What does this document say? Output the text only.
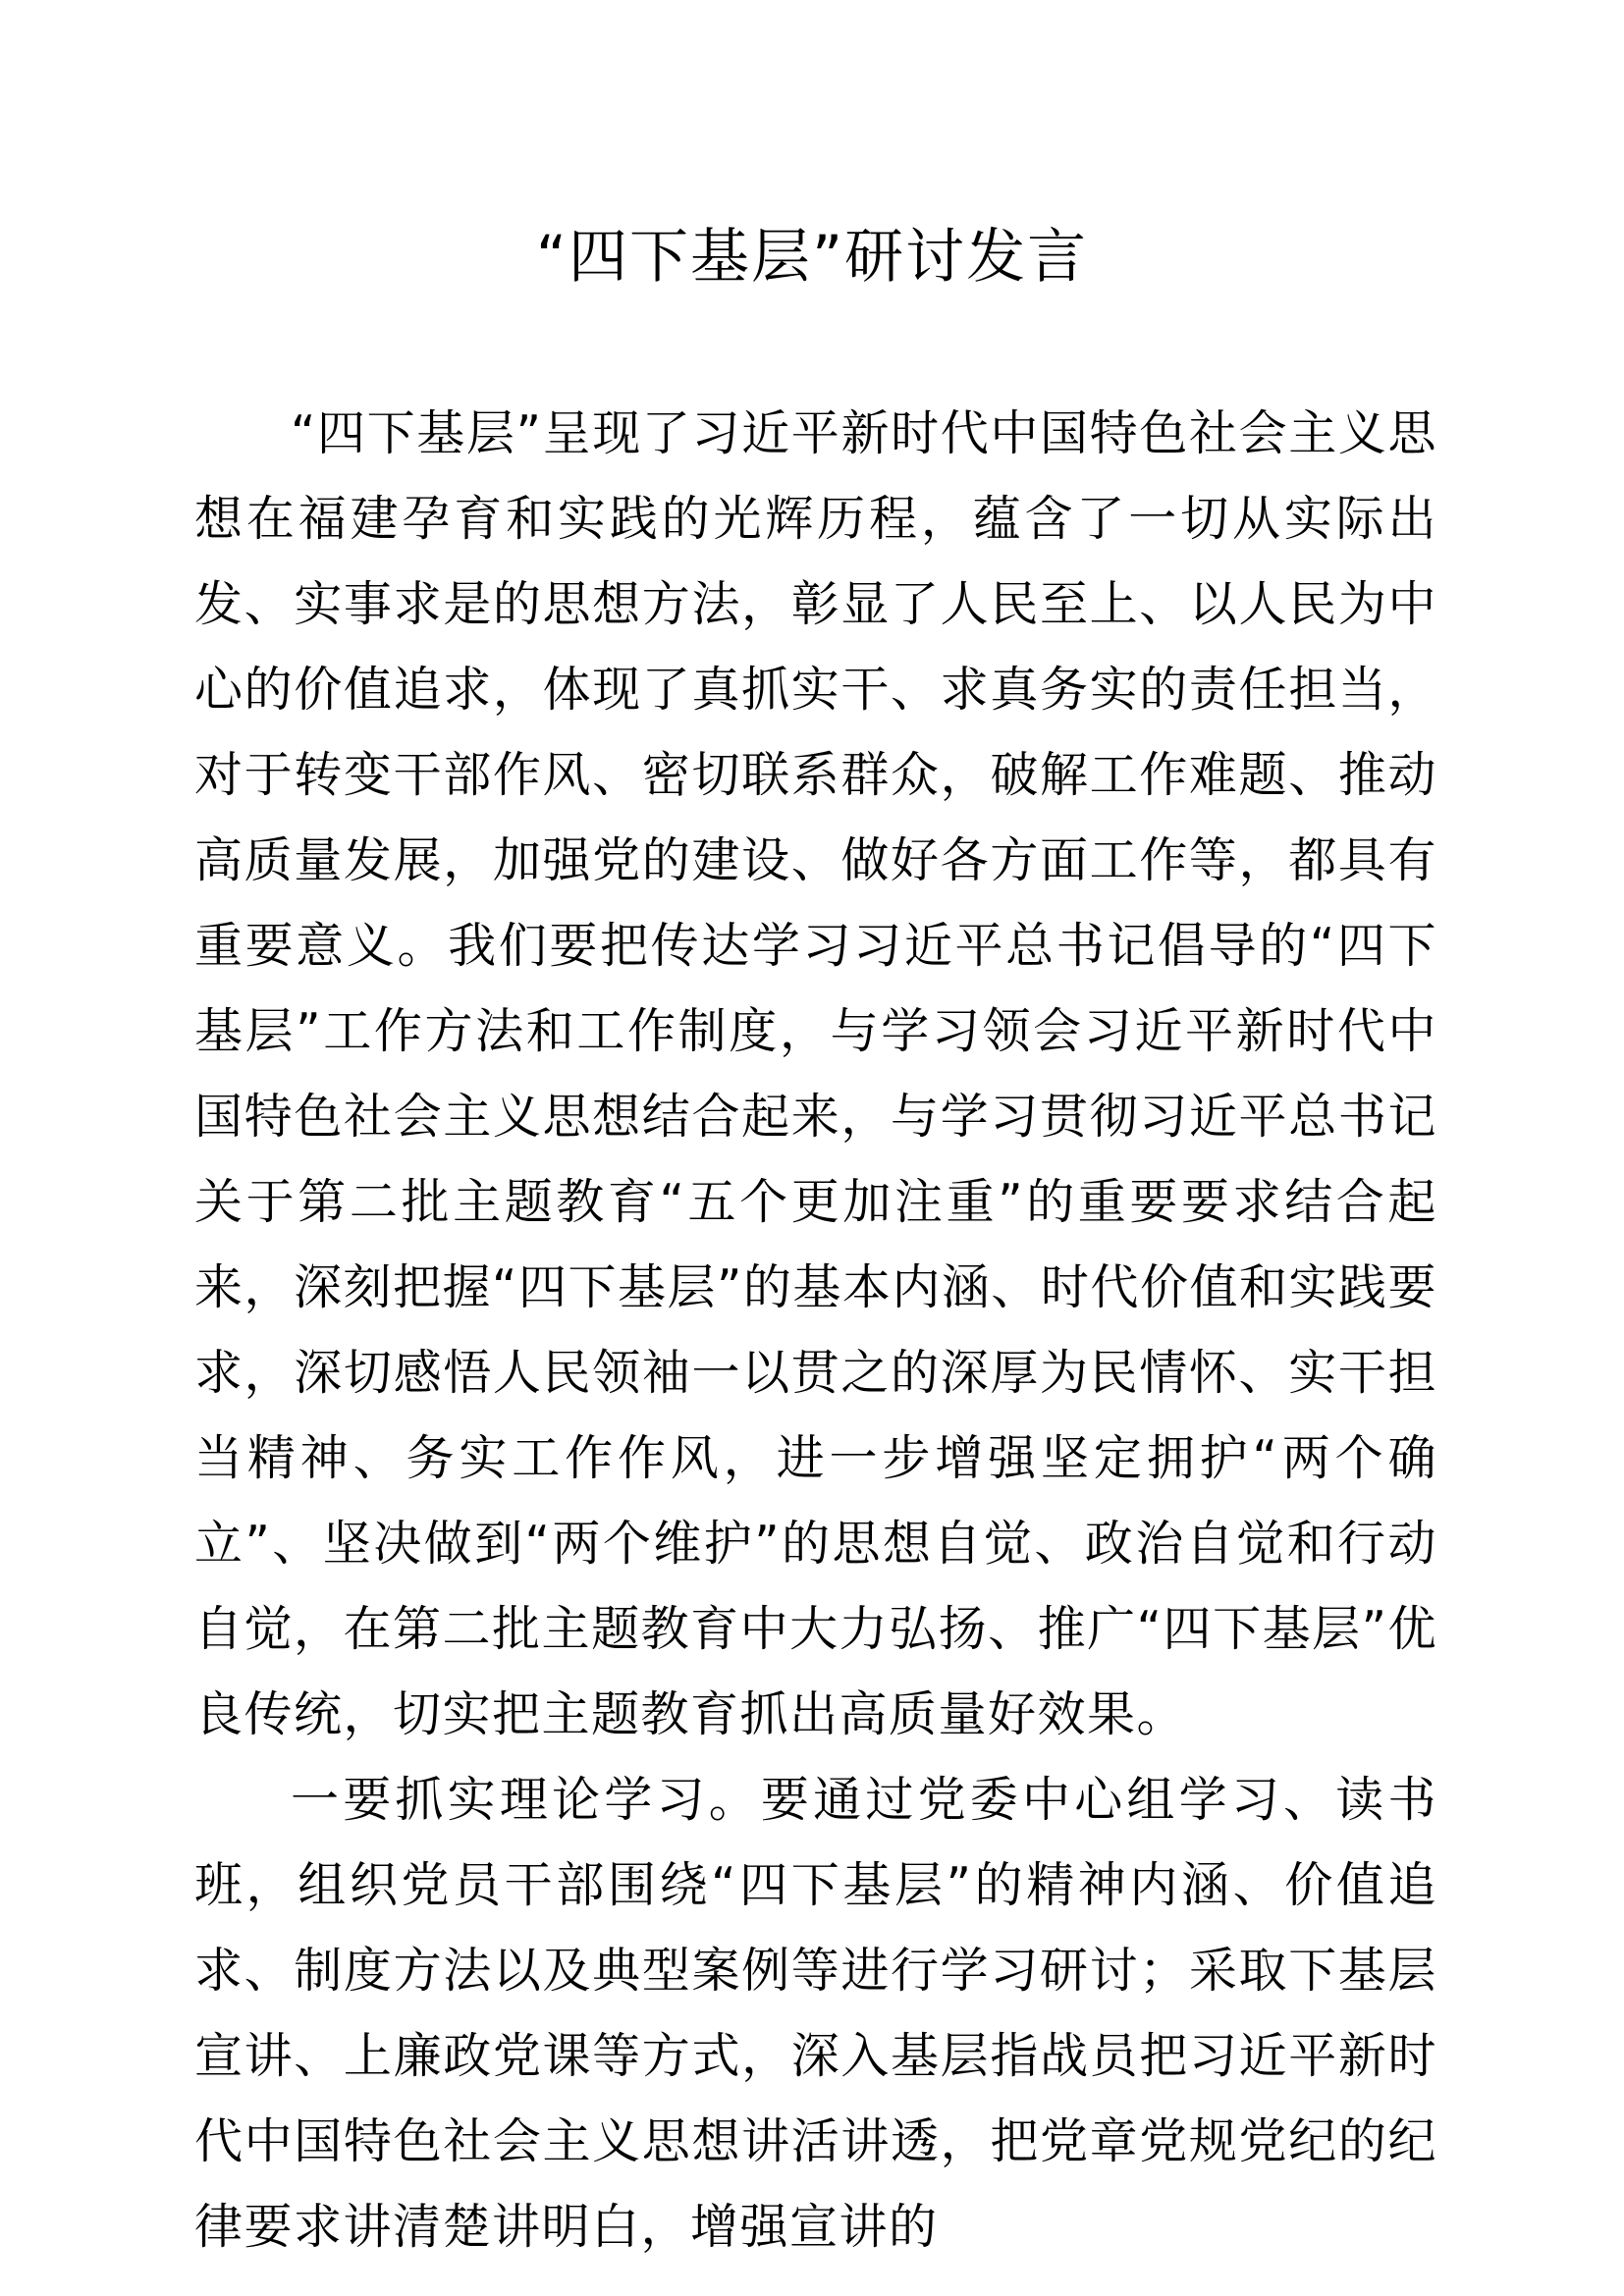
“四下基层”研讨发言

“四下基层”呈现了习近平新时代中国特色社会主义思想在福建孕育和实践的光辉历程，蕴含了一切从实际出发、实事求是的思想方法，彰显了人民至上、以人民为中心的价值追求，体现了真抓实干、求真务实的责任担当，对于转变干部作风、密切联系群众，破解工作难题、推动高质量发展，加强党的建设、做好各方面工作等，都具有重要意义。我们要把传达学习习近平总书记倡导的“四下基层”工作方法和工作制度，与学习领会习近平新时代中国特色社会主义思想结合起来，与学习贯彻习近平总书记关于第二批主题教育“五个更加注重”的重要要求结合起来，深刻把握“四下基层”的基本内涵、时代价值和实践要求，深切感悟人民领袖一以贯之的深厚为民情怀、实干担当精神、务实工作作风，进一步增强坚定拥护“两个确立”、坚决做到“两个维护”的思想自觉、政治自觉和行动自觉，在第二批主题教育中大力弘扬、推广“四下基层”优良传统，切实把主题教育抓出高质量好效果。

一要抓实理论学习。要通过党委中心组学习、读书班，组织党员干部围绕“四下基层”的精神内涵、价值追求、制度方法以及典型案例等进行学习研讨；采取下基层宣讲、上廉政党课等方式，深入基层指战员把习近平新时代中国特色社会主义思想讲活讲透，把党章党规党纪的纪律要求讲清楚讲明白，增强宣讲的
